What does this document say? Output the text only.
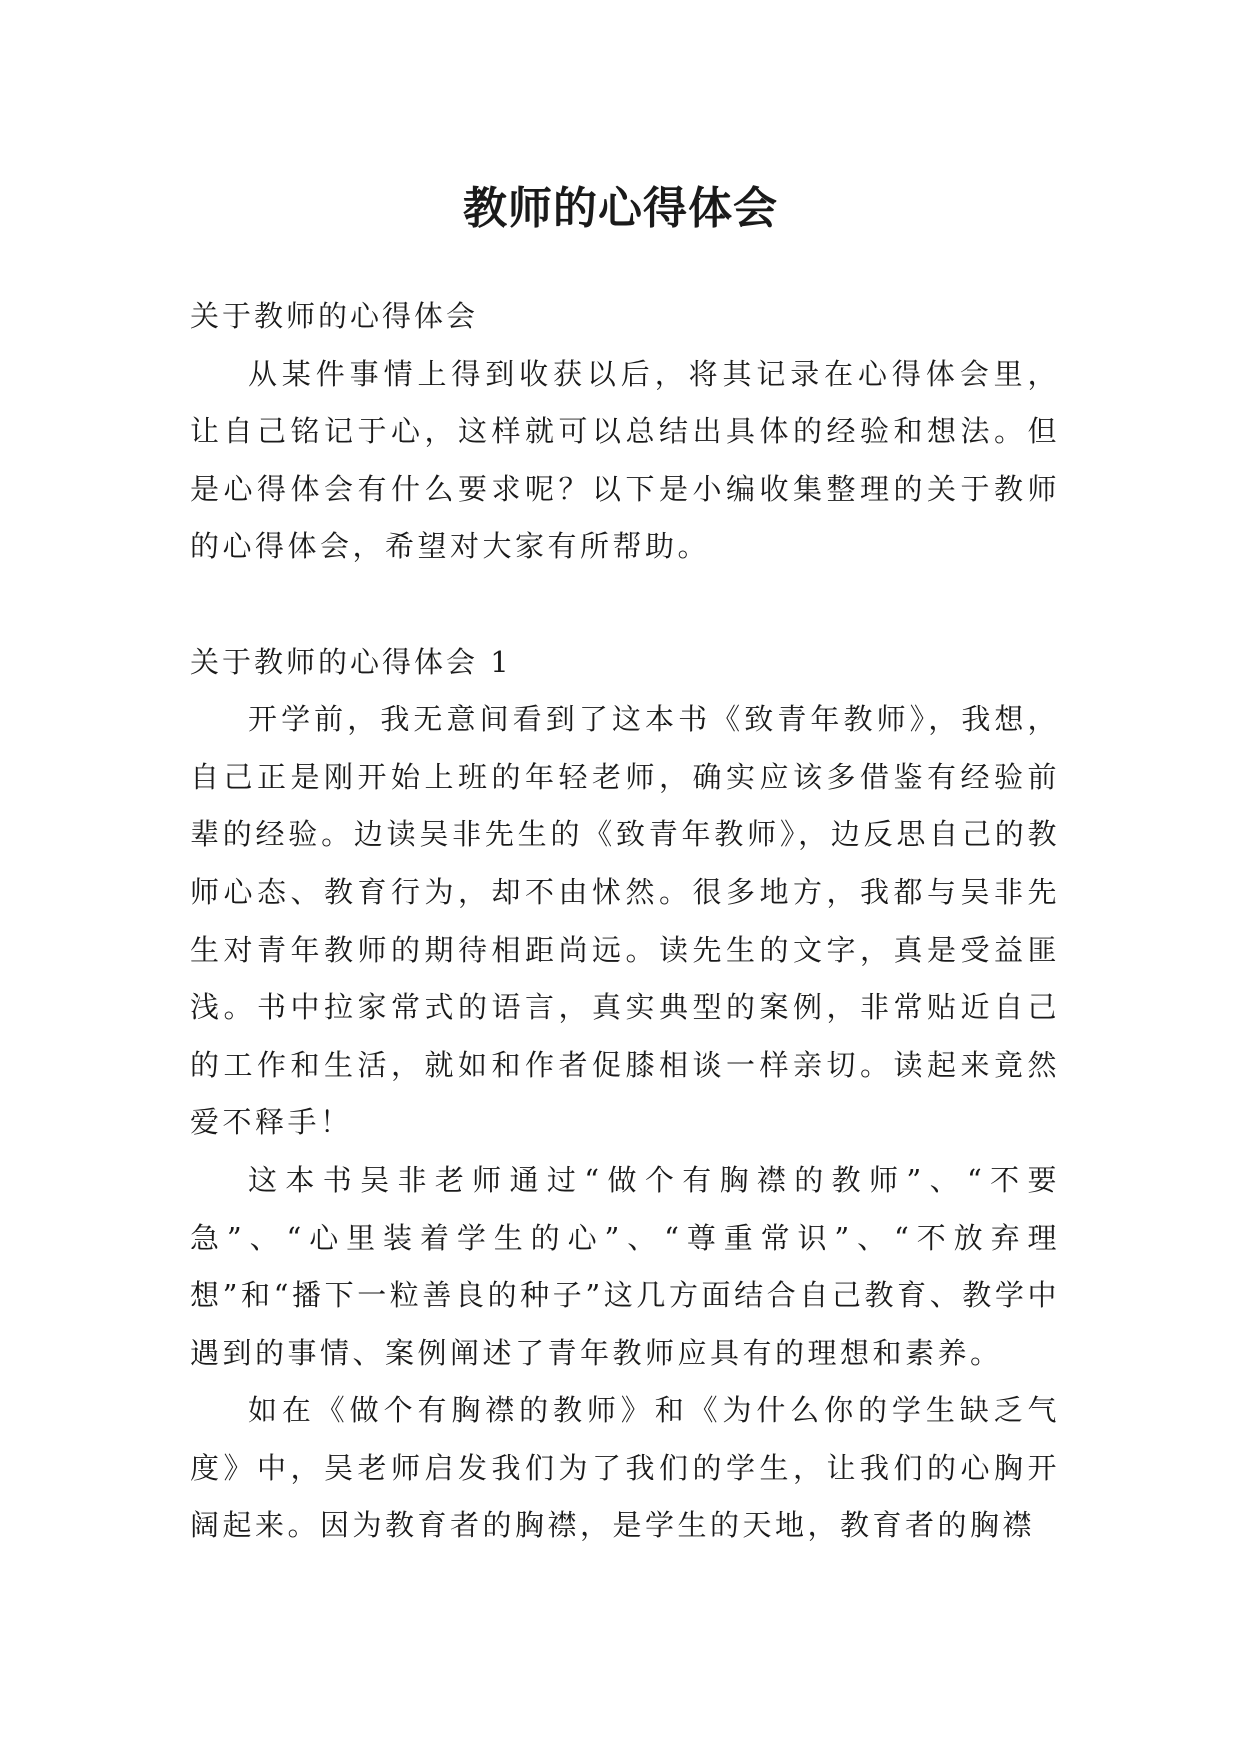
教师的心得体会

关于教师的心得体会

从某件事情上得到收获以后，将其记录在心得体会里，让自己铭记于心，这样就可以总结出具体的经验和想法。但是心得体会有什么要求呢？以下是小编收集整理的关于教师的心得体会，希望对大家有所帮助。

关于教师的心得体会 1

开学前，我无意间看到了这本书《致青年教师》，我想，自己正是刚开始上班的年轻老师，确实应该多借鉴有经验前辈的经验。边读吴非先生的《致青年教师》，边反思自己的教师心态、教育行为，却不由怵然。很多地方，我都与吴非先生对青年教师的期待相距尚远。读先生的文字，真是受益匪浅。书中拉家常式的语言，真实典型的案例，非常贴近自己的工作和生活，就如和作者促膝相谈一样亲切。读起来竟然爱不释手！

这本书吴非老师通过“做个有胸襟的教师”、“不要急”、“心里装着学生的心”、“尊重常识”、“不放弃理想”和“播下一粒善良的种子”这几方面结合自己教育、教学中遇到的事情、案例阐述了青年教师应具有的理想和素养。

如在《做个有胸襟的教师》和《为什么你的学生缺乏气度》中，吴老师启发我们为了我们的学生，让我们的心胸开阔起来。因为教育者的胸襟，是学生的天地，教育者的胸襟
